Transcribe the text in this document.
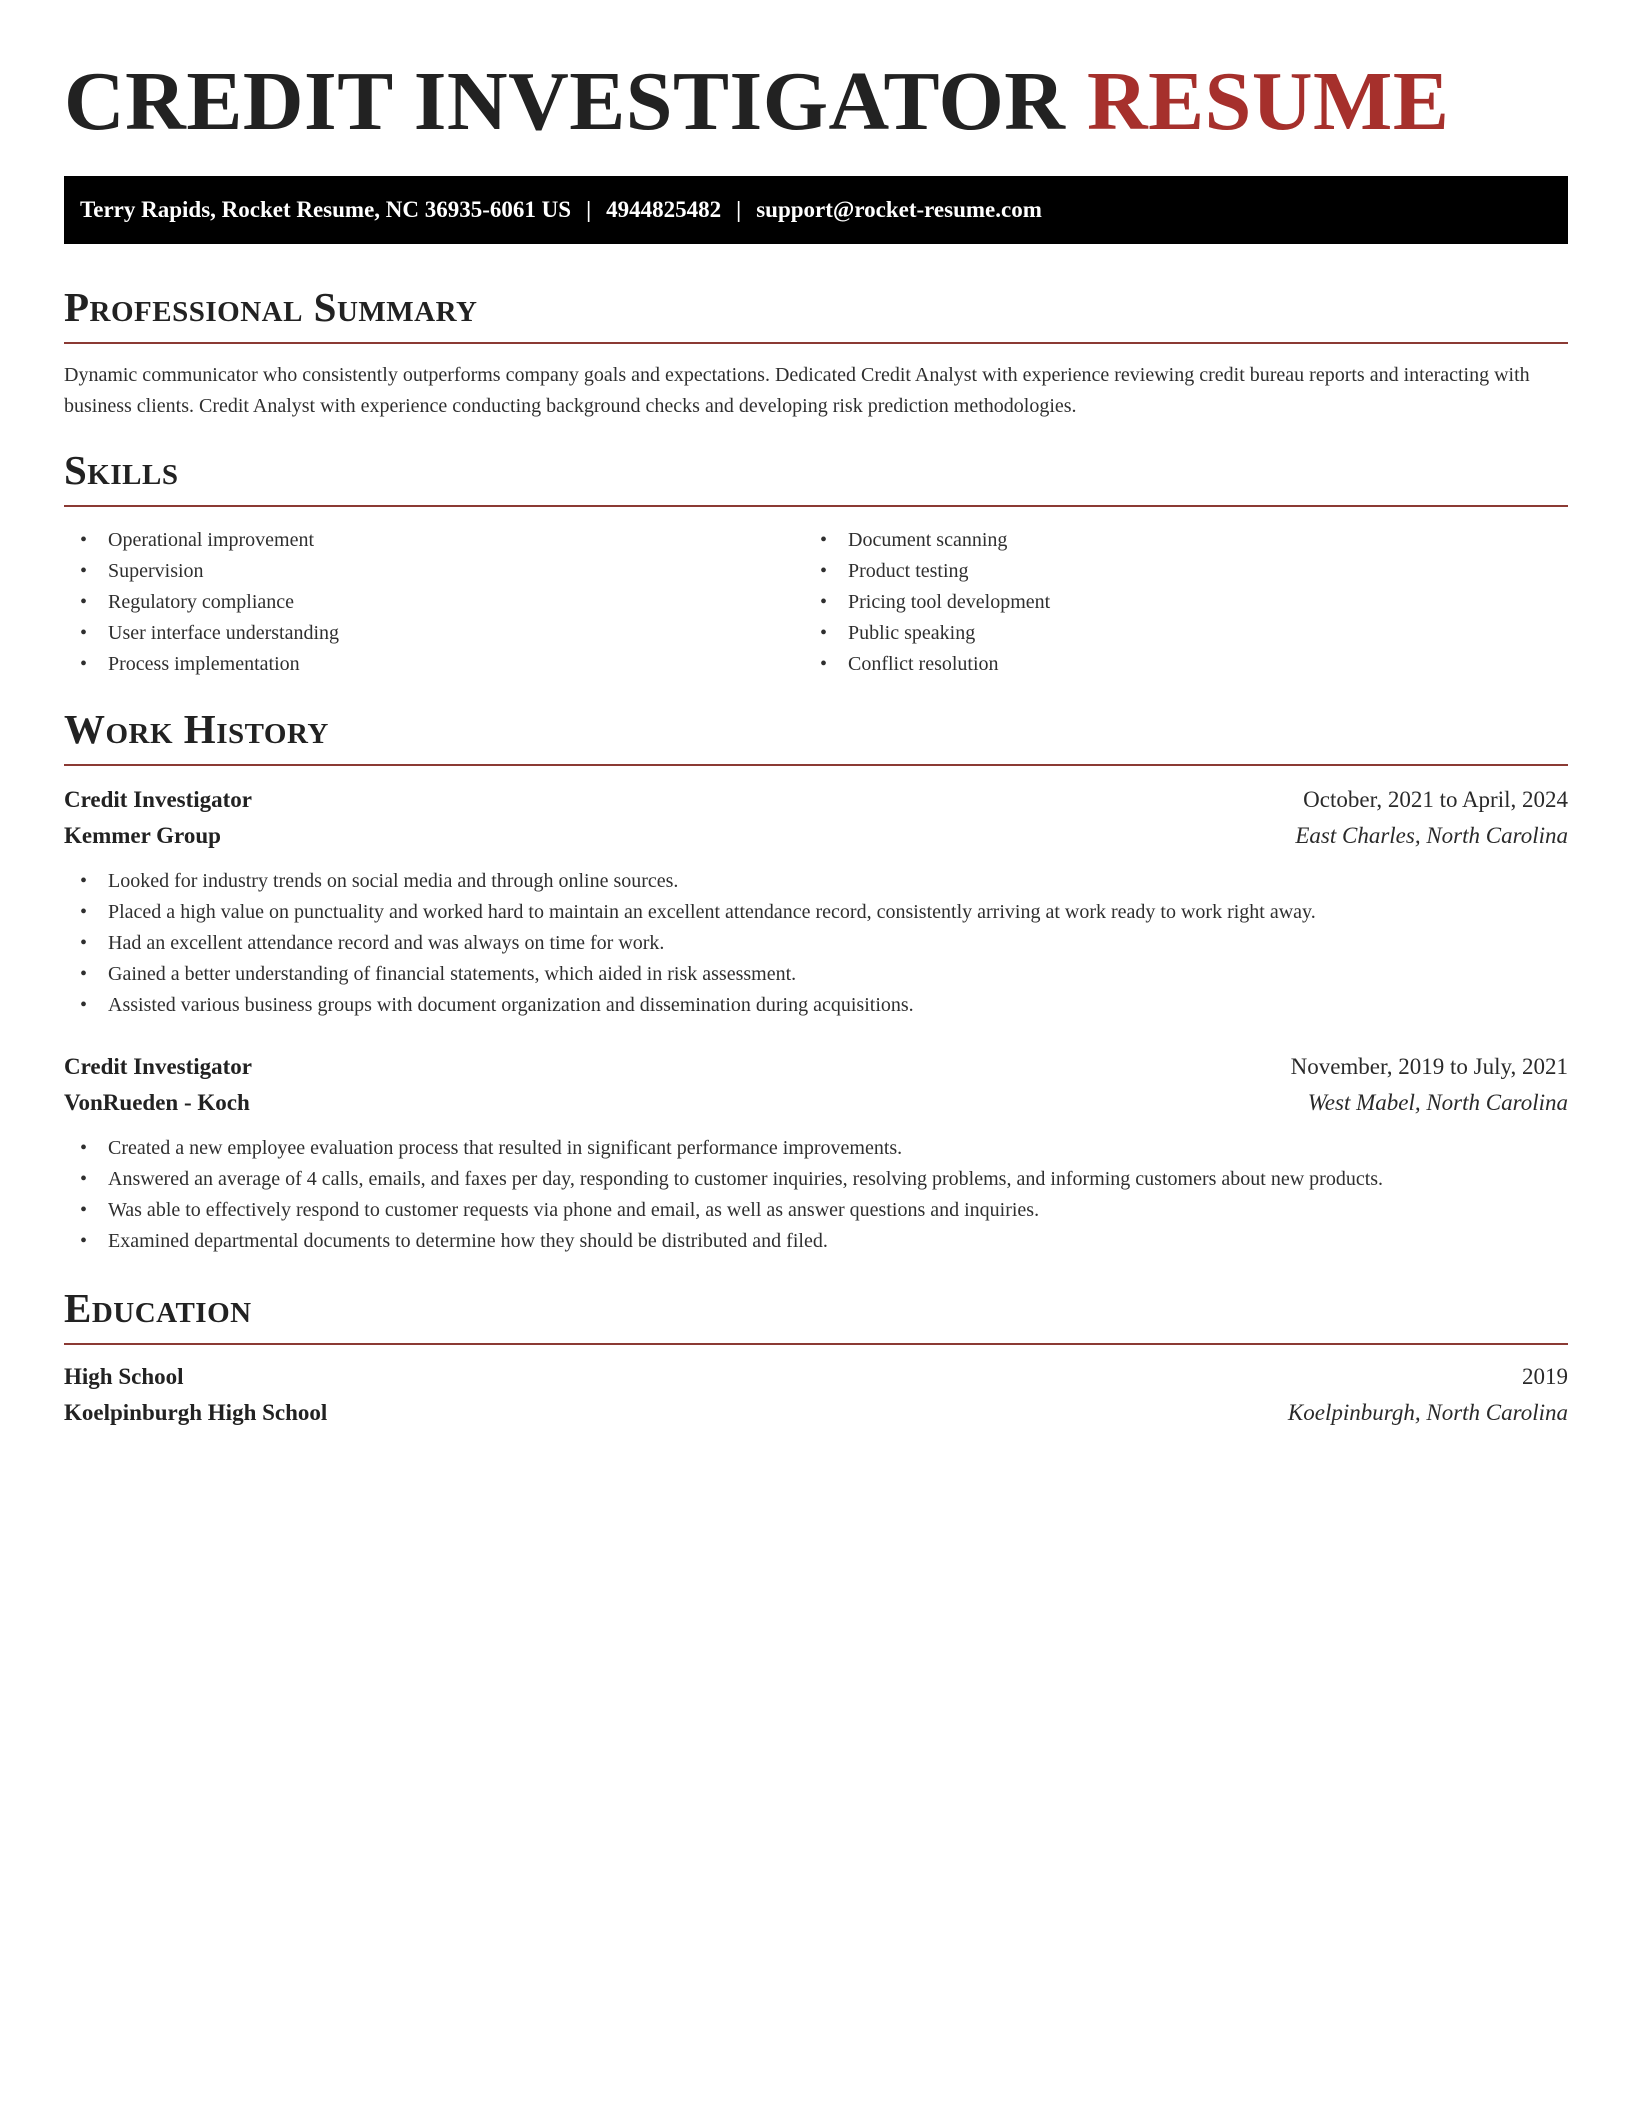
CREDIT INVESTIGATOR RESUME
Terry Rapids, Rocket Resume, NC 36935-6061 US | 4944825482 | support@rocket-resume.com
Professional Summary

Dynamic communicator who consistently outperforms company goals and expectations. Dedicated Credit Analyst with experience reviewing credit bureau reports and interacting with business clients. Credit Analyst with experience conducting background checks and developing risk prediction methodologies.

Skills
• Operational improvement
• Supervision
• Regulatory compliance
• User interface understanding
• Process implementation
• Document scanning
• Product testing
• Pricing tool development
• Public speaking
• Conflict resolution
Work History
Credit Investigator	October, 2021 to April, 2024
Kemmer Group	East Charles, North Carolina
• Looked for industry trends on social media and through online sources.
• Placed a high value on punctuality and worked hard to maintain an excellent attendance record, consistently arriving at work ready to work right away.
• Had an excellent attendance record and was always on time for work.
• Gained a better understanding of financial statements, which aided in risk assessment.
• Assisted various business groups with document organization and dissemination during acquisitions.
Credit Investigator	November, 2019 to July, 2021
VonRueden - Koch	West Mabel, North Carolina
• Created a new employee evaluation process that resulted in significant performance improvements.
• Answered an average of 4 calls, emails, and faxes per day, responding to customer inquiries, resolving problems, and informing customers about new products.
• Was able to effectively respond to customer requests via phone and email, as well as answer questions and inquiries.
• Examined departmental documents to determine how they should be distributed and filed.
Education
High School	2019
Koelpinburgh High School	Koelpinburgh, North Carolina
